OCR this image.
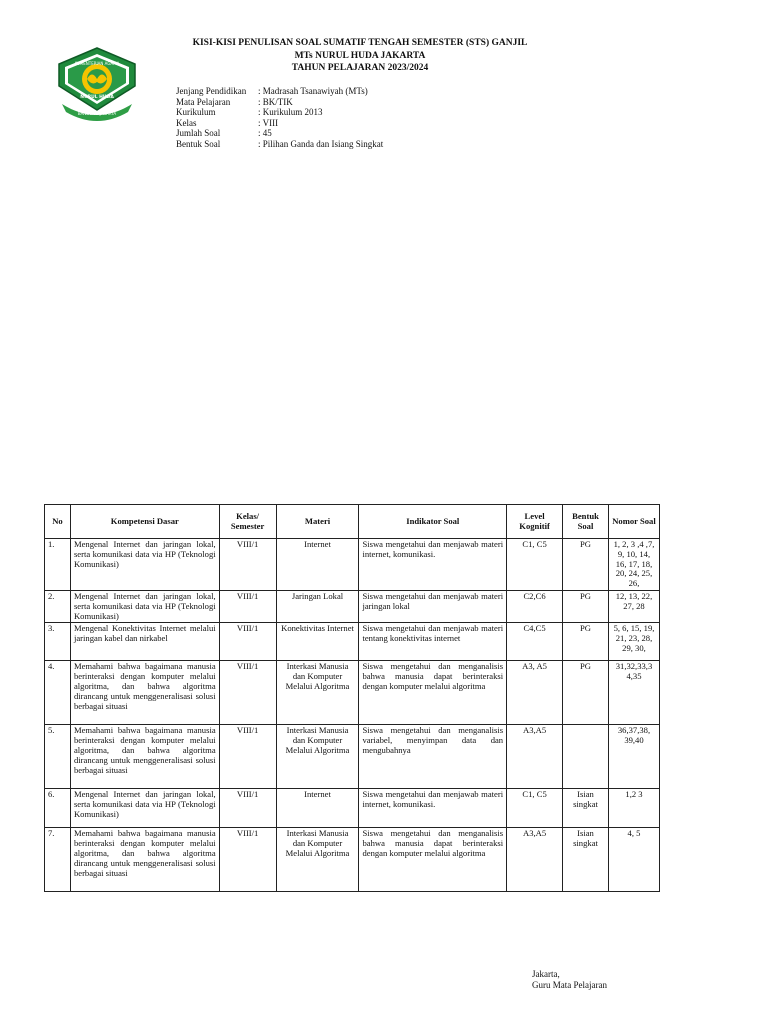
KEMENTERIAN AGAMA
NURUL HUDA
BANDUNG JAKARTA
KISI-KISI PENULISAN SOAL SUMATIF TENGAH SEMESTER (STS) GANJIL
MTs NURUL HUDA JAKARTA
TAHUN PELAJARAN 2023/2024
Jenjang Pendidikan	: Madrasah Tsanawiyah (MTs)
Mata Pelajaran	: BK/TIK
Kurikulum	: Kurikulum 2013
Kelas	: VIII
Jumlah Soal	: 45
Bentuk Soal	: Pilihan Ganda dan Isiang Singkat
No	Kompetensi Dasar	Kelas/ Semester	Materi	Indikator Soal	Level Kognitif	Bentuk Soal	Nomor Soal
1.	Mengenal Internet dan jaringan lokal, serta komunikasi data via HP (Teknologi Komunikasi)	VIII/1	Internet	Siswa mengetahui dan menjawab materi internet, komunikasi.	C1, C5	PG	1, 2, 3 ,4 ,7, 9, 10, 14, 16, 17, 18, 20, 24, 25, 26,
2.	Mengenal Internet dan jaringan lokal, serta komunikasi data via HP (Teknologi Komunikasi)	VIII/1	Jaringan Lokal	Siswa mengetahui dan menjawab materi jaringan lokal	C2,C6	PG	12, 13, 22, 27, 28
3.	Mengenal Konektivitas Internet melalui jaringan kabel dan nirkabel	VIII/1	Konektivitas Internet	Siswa mengetahui dan menjawab materi tentang konektivitas internet	C4,C5	PG	5, 6, 15, 19, 21, 23, 28, 29, 30,
4.	Memahami bahwa bagaimana manusia berinteraksi dengan komputer melalui algoritma, dan bahwa algoritma dirancang untuk menggeneralisasi solusi berbagai situasi	VIII/1	Interkasi Manusia dan Komputer Melalui Algoritma	Siswa mengetahui dan menganalisis bahwa manusia dapat berinteraksi dengan komputer melalui algoritma	A3, A5	PG	31,32,33,3 4,35
5.	Memahami bahwa bagaimana manusia berinteraksi dengan komputer melalui algoritma, dan bahwa algoritma dirancang untuk menggeneralisasi solusi berbagai situasi	VIII/1	Interkasi Manusia dan Komputer Melalui Algoritma	Siswa mengetahui dan menganalisis variabel, menyimpan data dan mengubahnya	A3,A5		36,37,38, 39,40
6.	Mengenal Internet dan jaringan lokal, serta komunikasi data via HP (Teknologi Komunikasi)	VIII/1	Internet	Siswa mengetahui dan menjawab materi internet, komunikasi.	C1, C5	Isian singkat	1,2 3
7.	Memahami bahwa bagaimana manusia berinteraksi dengan komputer melalui algoritma, dan bahwa algoritma dirancang untuk menggeneralisasi solusi berbagai situasi	VIII/1	Interkasi Manusia dan Komputer Melalui Algoritma	Siswa mengetahui dan menganalisis bahwa manusia dapat berinteraksi dengan komputer melalui algoritma	A3,A5	Isian singkat	4, 5
Jakarta,
Guru Mata Pelajaran
